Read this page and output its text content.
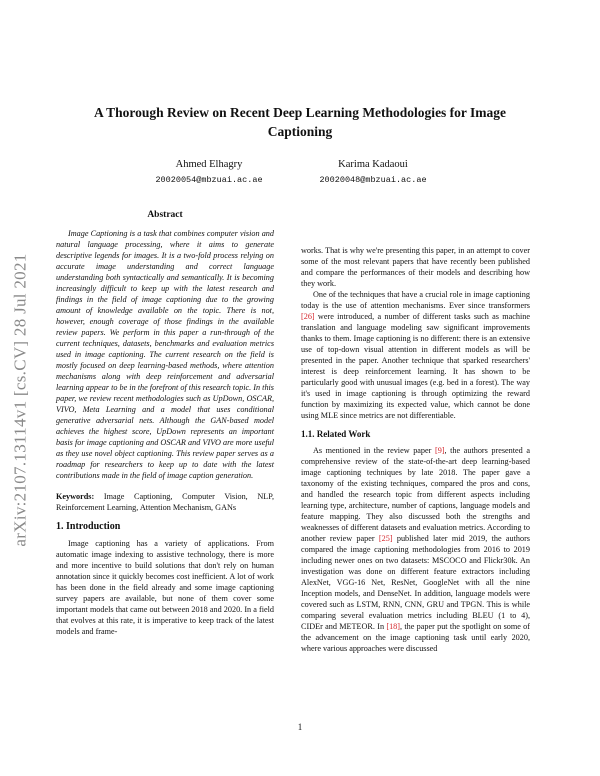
arXiv:2107.13114v1 [cs.CV] 28 Jul 2021
A Thorough Review on Recent Deep Learning Methodologies for Image Captioning
Ahmed Elhagry
20020054@mbzuai.ac.ae
Karima Kadaoui
20020048@mbzuai.ac.ae
Abstract

Image Captioning is a task that combines computer vision and natural language processing, where it aims to generate descriptive legends for images. It is a two-fold process relying on accurate image understanding and correct language understanding both syntactically and semantically. It is becoming increasingly difficult to keep up with the latest research and findings in the field of image captioning due to the growing amount of knowledge available on the topic. There is not, however, enough coverage of those findings in the available review papers. We perform in this paper a run-through of the current techniques, datasets, benchmarks and evaluation metrics used in image captioning. The current research on the field is mostly focused on deep learning-based methods, where attention mechanisms along with deep reinforcement and adversarial learning appear to be in the forefront of this research topic. In this paper, we review recent methodologies such as UpDown, OSCAR, VIVO, Meta Learning and a model that uses conditional generative adversarial nets. Although the GAN-based model achieves the highest score, UpDown represents an important basis for image captioning and OSCAR and VIVO are more useful as they use novel object captioning. This review paper serves as a roadmap for researchers to keep up to date with the latest contributions made in the field of image caption generation.

Keywords: Image Captioning, Computer Vision, NLP, Reinforcement Learning, Attention Mechanism, GANs

1. Introduction

Image captioning has a variety of applications. From automatic image indexing to assistive technology, there is more and more incentive to build solutions that don't rely on human annotation since it quickly becomes cost inefficient. A lot of work has been done in the field already and some image captioning survey papers are available, but none of them cover some important models that came out between 2018 and 2020. In a field that evolves at this rate, it is imperative to keep track of the latest models and frame-

works. That is why we're presenting this paper, in an attempt to cover some of the most relevant papers that have recently been published and compare the performances of their models and describing how they work.

One of the techniques that have a crucial role in image captioning today is the use of attention mechanisms. Ever since transformers [26] were introduced, a number of different tasks such as machine translation and language modeling saw significant improvements thanks to them. Image captioning is no different: there is an extensive use of top-down visual attention in different models as will be presented in the paper. Another technique that sparked researchers' interest is deep reinforcement learning. It has shown to be particularly good with unusual images (e.g. bed in a forest). The way it's used in image captioning is through optimizing the reward function by maximizing its expected value, which cannot be done using MLE since metrics are not differentiable.

1.1. Related Work

As mentioned in the review paper [9], the authors presented a comprehensive review of the state-of-the-art deep learning-based image captioning techniques by late 2018. The paper gave a taxonomy of the existing techniques, compared the pros and cons, and handled the research topic from different aspects including learning type, architecture, number of captions, language models and feature mapping. They also discussed both the strengths and weaknesses of different datasets and evaluation metrics. According to another review paper [25] published later mid 2019, the authors compared the image captioning methodologies from 2016 to 2019 including newer ones on two datasets: MSCOCO and Flickr30k. An investigation was done on different feature extractors including AlexNet, VGG-16 Net, ResNet, GoogleNet with all the nine Inception models, and DenseNet. In addition, language models were covered such as LSTM, RNN, CNN, GRU and TPGN. This is while comparing several evaluation metrics including BLEU (1 to 4), CIDEr and METEOR. In [18], the paper put the spotlight on some of the advancement on the image captioning task until early 2020, where various approaches were discussed

1
